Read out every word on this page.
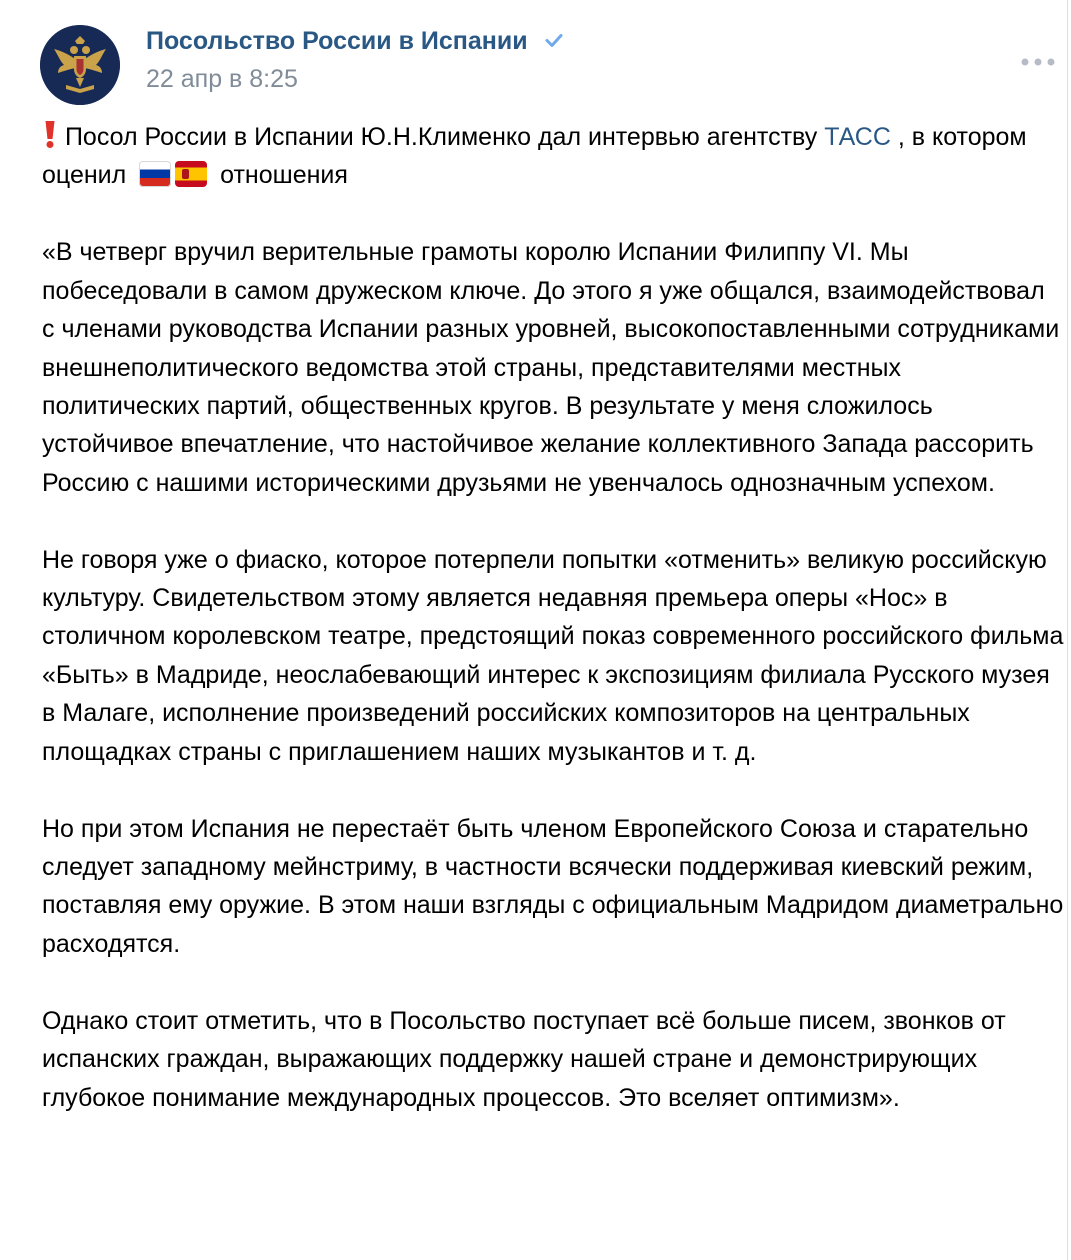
Посольство России в Испании
22 апр в 8:25

Посол России в Испании Ю.Н.Клименко дал интервью агентству ТАСС , в котором оценил	отношения

«В четверг вручил верительные грамоты королю Испании Филиппу VI. Мы побеседовали в самом дружеском ключе. До этого я уже общался, взаимодействовал с членами руководства Испании разных уровней, высокопоставленными сотрудниками внешнеполитического ведомства этой страны, представителями местных политических партий, общественных кругов. В результате у меня сложилось устойчивое впечатление, что настойчивое желание коллективного Запада рассорить Россию с нашими историческими друзьями не увенчалось однозначным успехом.

Не говоря уже о фиаско, которое потерпели попытки «отменить» великую российскую культуру. Свидетельством этому является недавняя премьера оперы «Нос» в столичном королевском театре, предстоящий показ современного российского фильма «Быть» в Мадриде, неослабевающий интерес к экспозициям филиала Русского музея в Малаге, исполнение произведений российских композиторов на центральных площадках страны с приглашением наших музыкантов и т. д.

Но при этом Испания не перестаёт быть членом Европейского Союза и старательно следует западному мейнстриму, в частности всячески поддерживая киевский режим, поставляя ему оружие. В этом наши взгляды с официальным Мадридом диаметрально расходятся.

Однако стоит отметить, что в Посольство поступает всё больше писем, звонков от испанских граждан, выражающих поддержку нашей стране и демонстрирующих глубокое понимание международных процессов. Это вселяет оптимизм».
